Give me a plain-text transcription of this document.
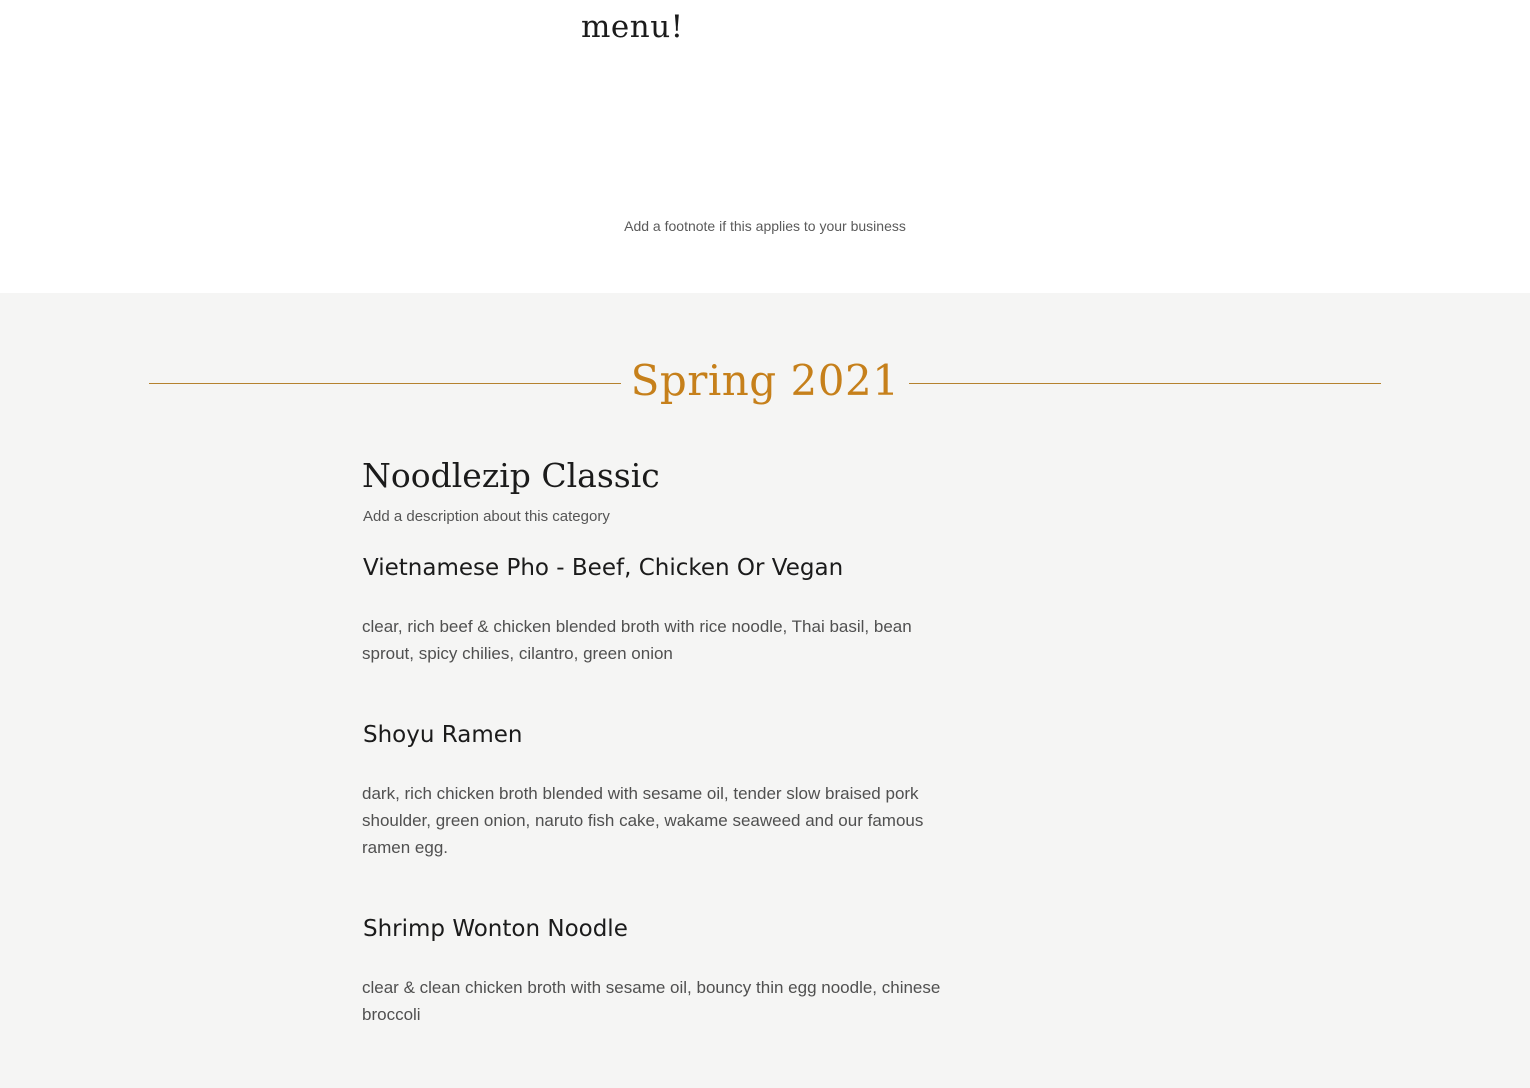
menu!
Add a footnote if this applies to your business
Spring 2021
Noodlezip Classic

Add a description about this category

Vietnamese Pho - Beef, Chicken Or Vegan

clear, rich beef & chicken blended broth with rice noodle, Thai basil, bean sprout, spicy chilies, cilantro, green onion

Shoyu Ramen

dark, rich chicken broth blended with sesame oil, tender slow braised pork shoulder, green onion, naruto fish cake, wakame seaweed and our famous ramen egg.

Shrimp Wonton Noodle

clear & clean chicken broth with sesame oil, bouncy thin egg noodle, chinese broccoli
